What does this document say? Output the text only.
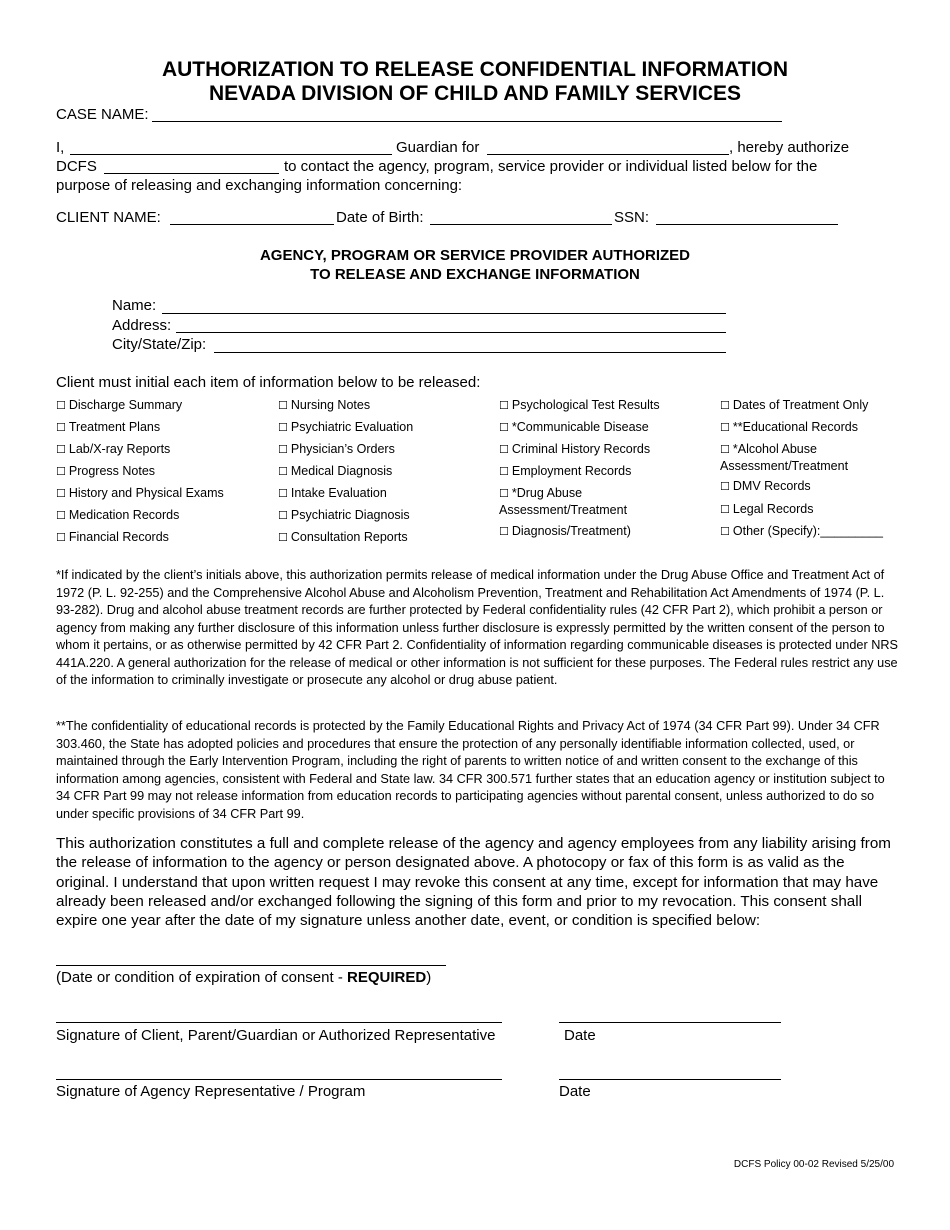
AUTHORIZATION TO RELEASE CONFIDENTIAL INFORMATION
NEVADA DIVISION OF CHILD AND FAMILY SERVICES
CASE NAME:
I,	Guardian for	, hereby authorize
DCFS	to contact the agency, program, service provider or individual listed below for the
purpose of releasing and exchanging information concerning:
CLIENT NAME:	Date of Birth:	SSN:
AGENCY, PROGRAM OR SERVICE PROVIDER AUTHORIZED
TO RELEASE AND EXCHANGE INFORMATION
Name:
Address:
City/State/Zip:
Client must initial each item of information below to be released:
☐ Discharge Summary
☐ Treatment Plans
☐ Lab/X-ray Reports
☐ Progress Notes
☐ History and Physical Exams
☐ Medication Records
☐ Financial Records
☐ Nursing Notes
☐ Psychiatric Evaluation
☐ Physician’s Orders
☐ Medical Diagnosis
☐ Intake Evaluation
☐ Psychiatric Diagnosis
☐ Consultation Reports
☐ Psychological Test Results
☐ *Communicable Disease
☐ Criminal History Records
☐ Employment Records
☐ *Drug Abuse
Assessment/Treatment
☐ Diagnosis/Treatment)
☐ Dates of Treatment Only
☐ **Educational Records
☐ *Alcohol Abuse
Assessment/Treatment
☐ DMV Records
☐ Legal Records
☐ Other (Specify):_________
*If indicated by the client’s initials above, this authorization permits release of medical information under the Drug Abuse Office and Treatment Act of 1972 (P. L. 92-255) and the Comprehensive Alcohol Abuse and Alcoholism Prevention, Treatment and Rehabilitation Act Amendments of 1974 (P. L. 93-282). Drug and alcohol abuse treatment records are further protected by Federal confidentiality rules (42 CFR Part 2), which prohibit a person or agency from making any further disclosure of this information unless further disclosure is expressly permitted by the written consent of the person to whom it pertains, or as otherwise permitted by 42 CFR Part 2. Confidentiality of information regarding communicable diseases is protected under NRS 441A.220. A general authorization for the release of medical or other information is not sufficient for these purposes. The Federal rules restrict any use of the information to criminally investigate or prosecute any alcohol or drug abuse patient.
**The confidentiality of educational records is protected by the Family Educational Rights and Privacy Act of 1974 (34 CFR Part 99). Under 34 CFR 303.460, the State has adopted policies and procedures that ensure the protection of any personally identifiable information collected, used, or maintained through the Early Intervention Program, including the right of parents to written notice of and written consent to the exchange of this information among agencies, consistent with Federal and State law. 34 CFR 300.571 further states that an education agency or institution subject to 34 CFR Part 99 may not release information from education records to participating agencies without parental consent, unless authorized to do so under specific provisions of 34 CFR Part 99.
This authorization constitutes a full and complete release of the agency and agency employees from any liability arising from the release of information to the agency or person designated above. A photocopy or fax of this form is as valid as the original. I understand that upon written request I may revoke this consent at any time, except for information that may have already been released and/or exchanged following the signing of this form and prior to my revocation. This consent shall expire one year after the date of my signature unless another date, event, or condition is specified below:
(Date or condition of expiration of consent - REQUIRED)
Signature of Client, Parent/Guardian or Authorized Representative	Date
Signature of Agency Representative / Program	Date
DCFS Policy 00-02 Revised 5/25/00
